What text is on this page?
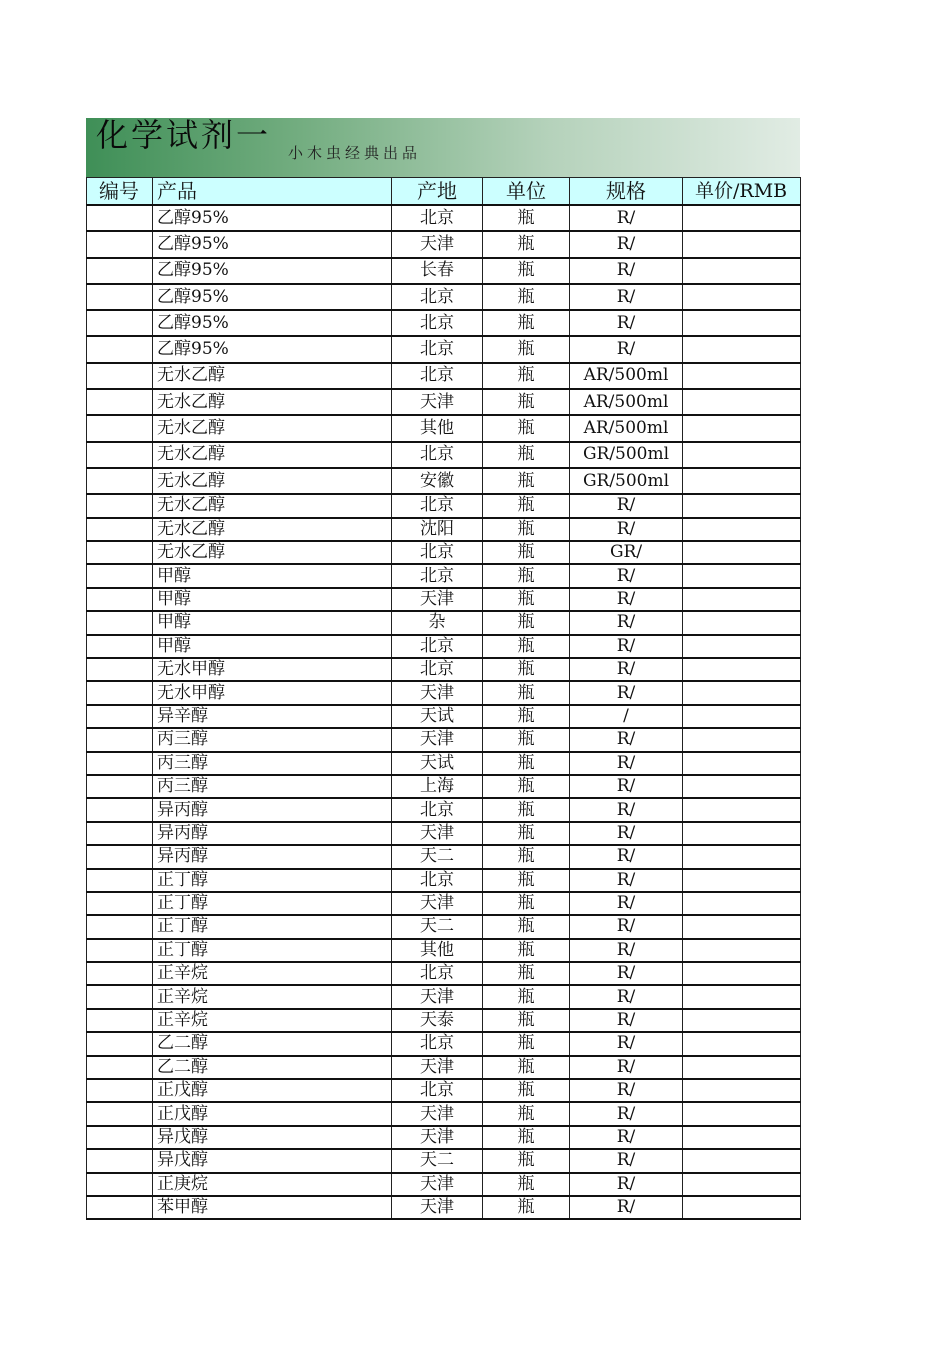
化学试剂一 小木虫经典出品
编号	产品	产地	单位	规格	单价/RMB
	乙醇95%	北京	瓶	R/	
	乙醇95%	天津	瓶	R/	
	乙醇95%	长春	瓶	R/	
	乙醇95%	北京	瓶	R/	
	乙醇95%	北京	瓶	R/	
	乙醇95%	北京	瓶	R/	
	无水乙醇	北京	瓶	AR/500ml	
	无水乙醇	天津	瓶	AR/500ml	
	无水乙醇	其他	瓶	AR/500ml	
	无水乙醇	北京	瓶	GR/500ml	
	无水乙醇	安徽	瓶	GR/500ml	
	无水乙醇	北京	瓶	R/	
	无水乙醇	沈阳	瓶	R/	
	无水乙醇	北京	瓶	GR/	
	甲醇	北京	瓶	R/	
	甲醇	天津	瓶	R/	
	甲醇	杂	瓶	R/	
	甲醇	北京	瓶	R/	
	无水甲醇	北京	瓶	R/	
	无水甲醇	天津	瓶	R/	
	异辛醇	天试	瓶	/	
	丙三醇	天津	瓶	R/	
	丙三醇	天试	瓶	R/	
	丙三醇	上海	瓶	R/	
	异丙醇	北京	瓶	R/	
	异丙醇	天津	瓶	R/	
	异丙醇	天二	瓶	R/	
	正丁醇	北京	瓶	R/	
	正丁醇	天津	瓶	R/	
	正丁醇	天二	瓶	R/	
	正丁醇	其他	瓶	R/	
	正辛烷	北京	瓶	R/	
	正辛烷	天津	瓶	R/	
	正辛烷	天泰	瓶	R/	
	乙二醇	北京	瓶	R/	
	乙二醇	天津	瓶	R/	
	正戊醇	北京	瓶	R/	
	正戊醇	天津	瓶	R/	
	异戊醇	天津	瓶	R/	
	异戊醇	天二	瓶	R/	
	正庚烷	天津	瓶	R/	
	苯甲醇	天津	瓶	R/	
